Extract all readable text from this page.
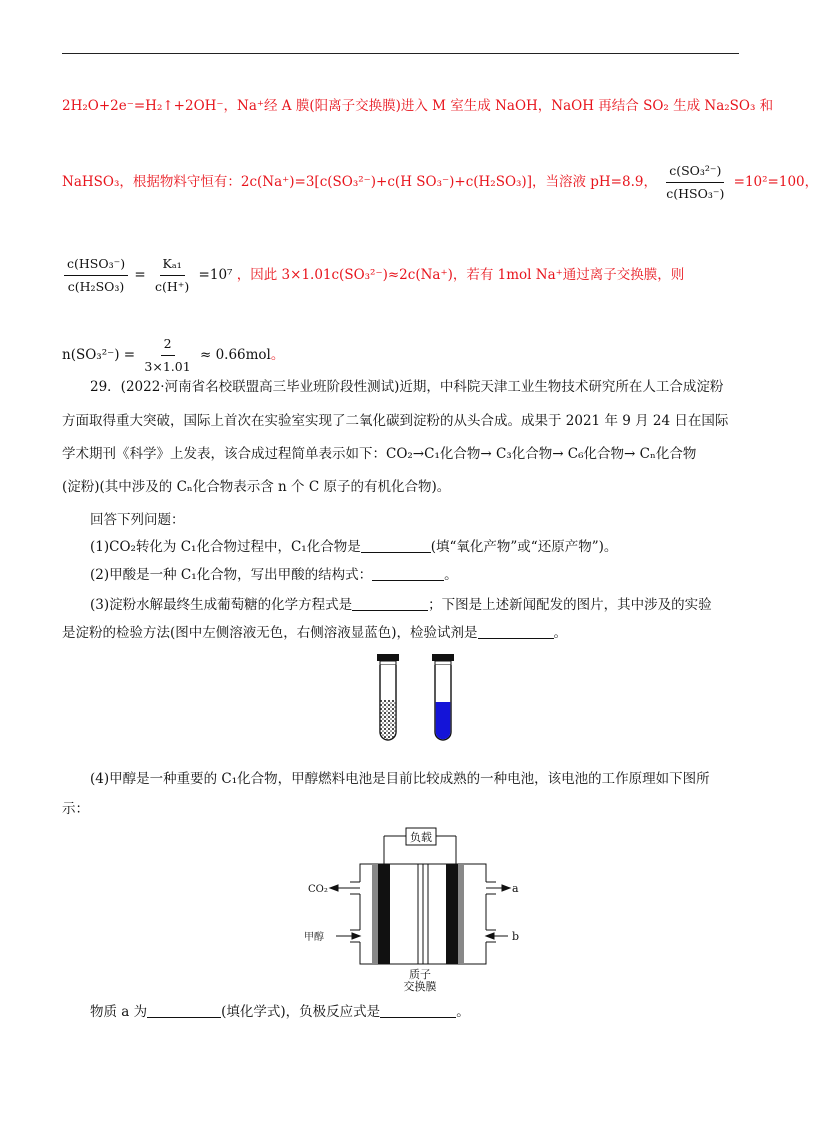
2H₂O+2e⁻=H₂↑+2OH⁻，Na⁺经 A 膜(阳离子交换膜)进入 M 室生成 NaOH，NaOH 再结合 SO₂ 生成 Na₂SO₃ 和
NaHSO₃，根据物料守恒有：2c(Na⁺)=3[c(SO₃²⁻)+c(H SO₃⁻)+c(H₂SO₃)]，当溶液 pH=8.9， $\frac{\text{c(SO₃²⁻)}}{\text{c(HSO₃⁻)}} =10^2=100$，
$\frac{\text{c(HSO₃⁻)}}{\text{c(H₂SO₃)}} = \frac{\text{Kₐ₁}}{c(H^+)} =10^7$ ，因此 3×1.01c(SO₃²⁻)≈2c(Na⁺)，若有 1mol Na⁺通过离子交换膜，则
$n(SO_3^{2-}) = \frac{2}{3\times 1.01} \approx 0.66mol$。
29．(2022·河南省名校联盟高三毕业班阶段性测试)近期，中科院天津工业生物技术研究所在人工合成淀粉
方面取得重大突破，国际上首次在实验室实现了二氧化碳到淀粉的从头合成。成果于 2021 年 9 月 24 日在国际
学术期刊《科学》上发表，该合成过程简单表示如下：CO₂→C₁化合物→ C₃化合物→ C₆化合物→ Cₙ化合物
(淀粉)(其中涉及的 Cₙ化合物表示含 n 个 C 原子的有机化合物)。
回答下列问题：
(1)CO₂转化为 C₁化合物过程中，C₁化合物是	(填“氧化产物”或“还原产物”)。
(2)甲酸是一种 C₁化合物，写出甲酸的结构式：	。
(3)淀粉水解最终生成葡萄糖的化学方程式是	；下图是上述新闻配发的图片，其中涉及的实验
是淀粉的检验方法(图中左侧溶液无色，右侧溶液显蓝色)，检验试剂是	。
(4)甲醇是一种重要的 C₁化合物，甲醇燃料电池是目前比较成熟的一种电池，该电池的工作原理如下图所
示：
负载
CO₂
甲醇
a
b
质子
交换膜
物质 a 为	(填化学式)，负极反应式是	。
